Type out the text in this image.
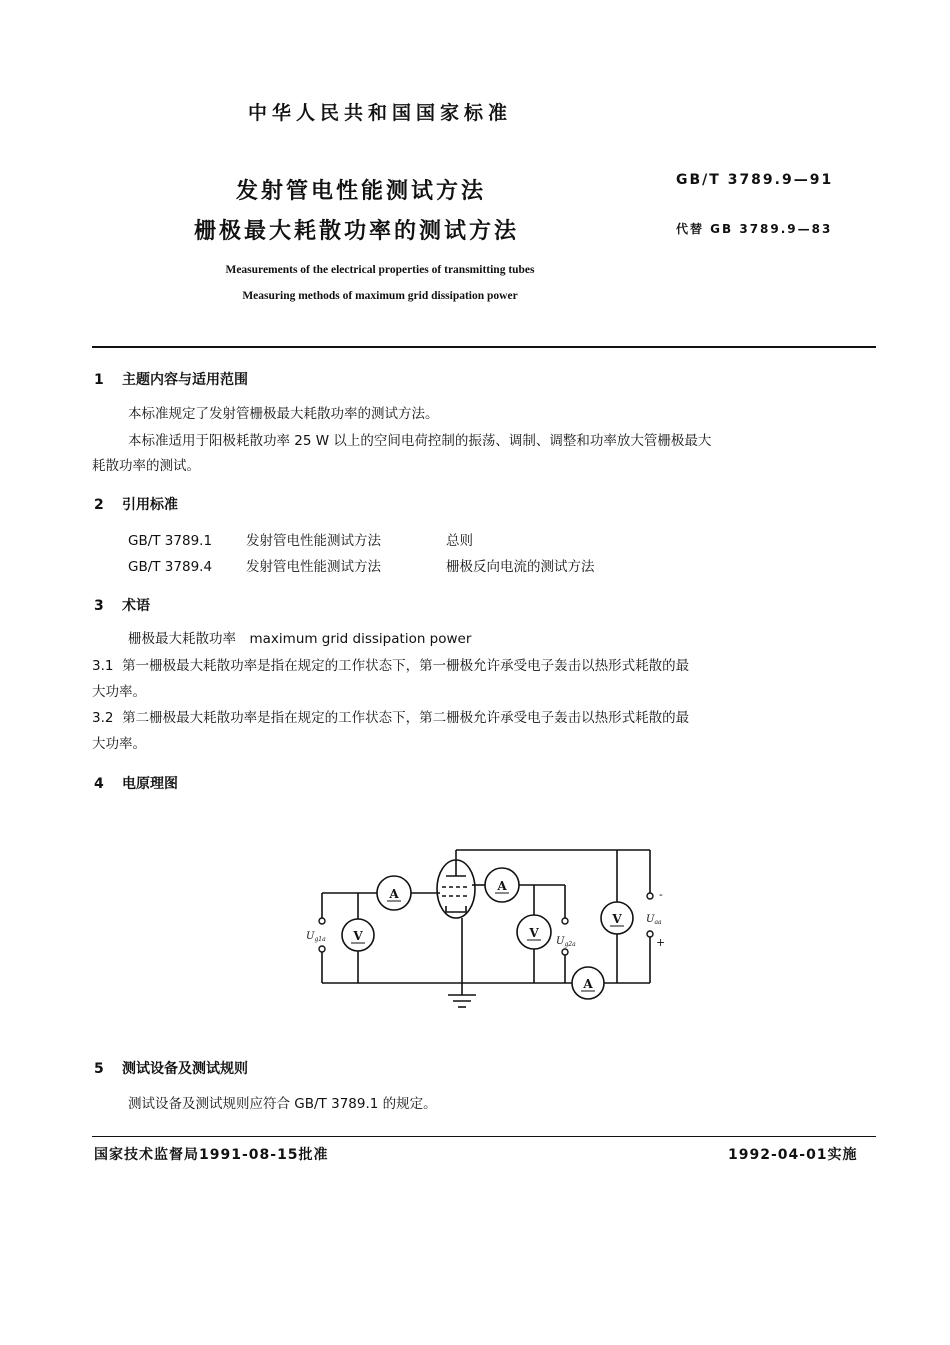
中华人民共和国国家标准
发射管电性能测试方法
栅极最大耗散功率的测试方法
GB/T 3789.9—91
代替 GB 3789.9—83
Measurements of the electrical properties of transmitting tubes
Measuring methods of maximum grid dissipation power
1 主题内容与适用范围
本标准规定了发射管栅极最大耗散功率的测试方法。
本标准适用于阳极耗散功率 25 W 以上的空间电荷控制的振荡、调制、调整和功率放大管栅极最大
耗散功率的测试。
2 引用标准
GB/T 3789.1	发射管电性能测试方法	总则
GB/T 3789.4	发射管电性能测试方法	栅极反向电流的测试方法
3 术语
栅极最大耗散功率　maximum grid dissipation power
3.1 第一栅极最大耗散功率是指在规定的工作状态下，第一栅极允许承受电子轰击以热形式耗散的最
大功率。
3.2 第二栅极最大耗散功率是指在规定的工作状态下，第二栅极允许承受电子轰击以热形式耗散的最
大功率。
4 电原理图
A
V
A
V
V
A
$U_{g1a}$	$U_{g2a}$
$U_{aa}$
-
+
5 测试设备及测试规则
测试设备及测试规则应符合 GB/T 3789.1 的规定。
国家技术监督局1991-08-15批准	1992-04-01实施
